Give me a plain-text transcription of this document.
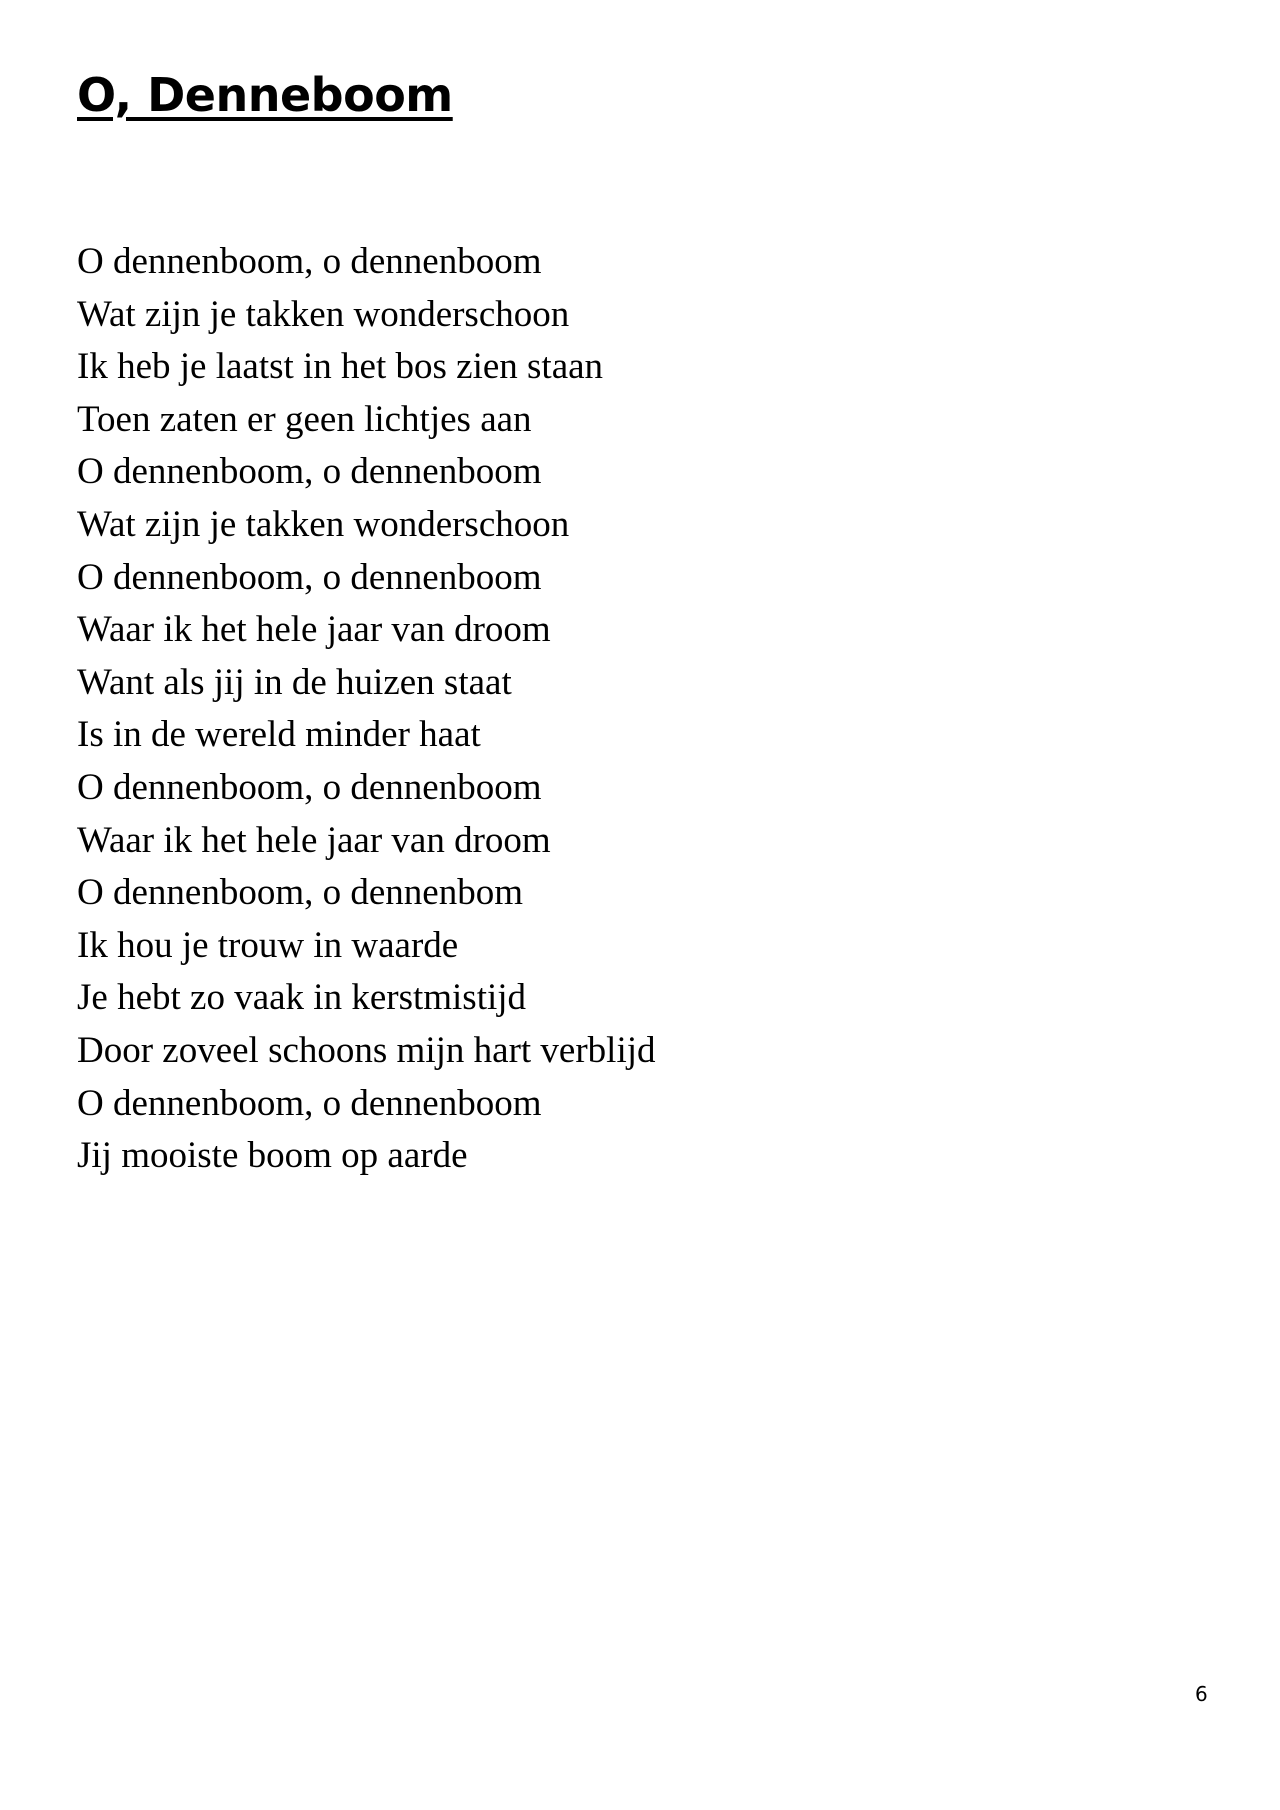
O, Denneboom
O dennenboom, o dennenboom
Wat zijn je takken wonderschoon
Ik heb je laatst in het bos zien staan
Toen zaten er geen lichtjes aan
O dennenboom, o dennenboom
Wat zijn je takken wonderschoon
O dennenboom, o dennenboom
Waar ik het hele jaar van droom
Want als jij in de huizen staat
Is in de wereld minder haat
O dennenboom, o dennenboom
Waar ik het hele jaar van droom
O dennenboom, o dennenbom
Ik hou je trouw in waarde
Je hebt zo vaak in kerstmistijd
Door zoveel schoons mijn hart verblijd
O dennenboom, o dennenboom
Jij mooiste boom op aarde
6
